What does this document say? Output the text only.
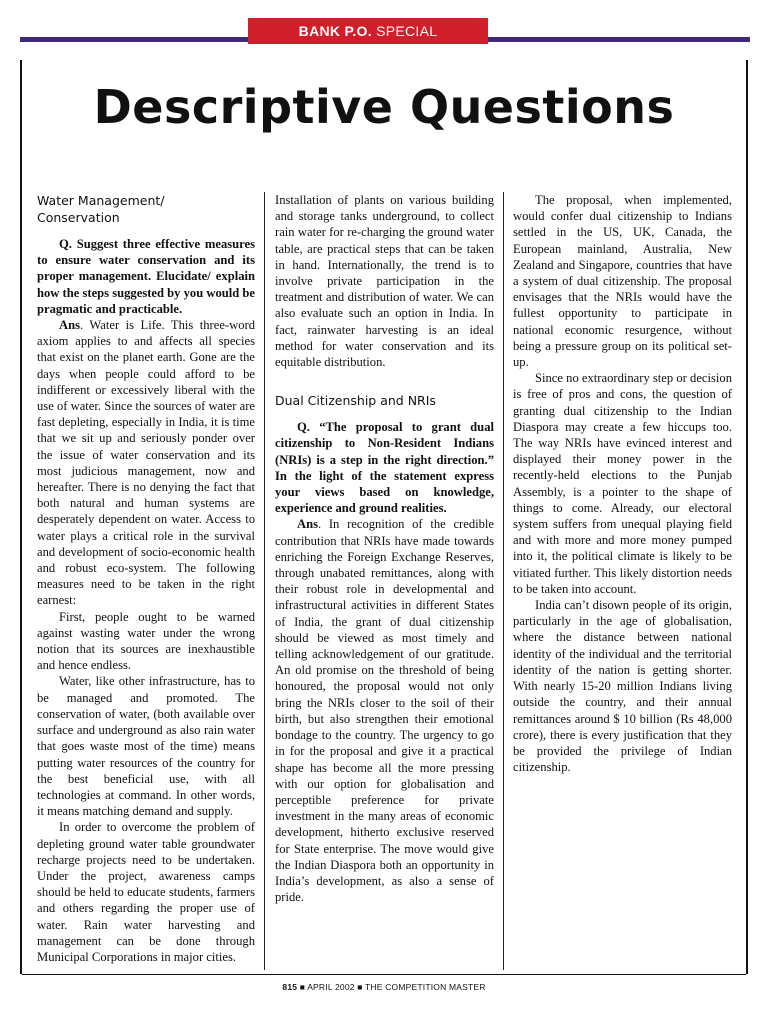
BANK P.O. SPECIAL
Descriptive Questions
Water Management/
Conservation

Q. Suggest three effective measures to ensure water conservation and its proper management. Elucidate/ explain how the steps suggested by you would be pragmatic and practicable.

Ans. Water is Life. This three-word axiom applies to and affects all species that exist on the planet earth. Gone are the days when people could afford to be indifferent or excessively liberal with the use of water. Since the sources of water are fast depleting, especially in India, it is time that we sit up and seriously ponder over the issue of water conservation and its most judicious management, now and hereafter. There is no denying the fact that both natural and human systems are desperately dependent on water. Access to water plays a critical role in the survival and development of socio-economic health and robust eco-system. The following measures need to be taken in the right earnest:

First, people ought to be warned against wasting water under the wrong notion that its sources are inexhaustible and hence endless.

Water, like other infrastructure, has to be managed and promoted. The conservation of water, (both available over surface and underground as also rain water that goes waste most of the time) means putting water resources of the country for the best beneficial use, with all technologies at command. In other words, it means matching demand and supply.

In order to overcome the problem of depleting ground water table groundwater recharge projects need to be undertaken. Under the project, awareness camps should be held to educate students, farmers and others regarding the proper use of water. Rain water harvesting and management can be done through Municipal Corporations in major cities.

Installation of plants on various building and storage tanks underground, to collect rain water for re-charging the ground water table, are practical steps that can be taken in hand. Internationally, the trend is to involve private participation in the treatment and distribution of water. We can also evaluate such an option in India. In fact, rainwater harvesting is an ideal method for water conservation and its equitable distribution.

Dual Citizenship and NRIs

Q. “The proposal to grant dual citizenship to Non-Resident Indians (NRIs) is a step in the right direction.” In the light of the statement express your views based on knowledge, experience and ground realities.

Ans. In recognition of the credible contribution that NRIs have made towards enriching the Foreign Exchange Reserves, through unabated remittances, along with their robust role in developmental and infrastructural activities in different States of India, the grant of dual citizenship should be viewed as most timely and telling acknowledgement of our gratitude. An old promise on the threshold of being honoured, the proposal would not only bring the NRIs closer to the soil of their birth, but also strengthen their emotional bondage to the country. The urgency to go in for the proposal and give it a practical shape has become all the more pressing with our option for globalisation and perceptible preference for private investment in the many areas of economic development, hitherto exclusive reserved for State enterprise. The move would give the Indian Diaspora both an opportunity in India’s development, as also a sense of pride.

The proposal, when implemented, would confer dual citizenship to Indians settled in the US, UK, Canada, the European mainland, Australia, New Zealand and Singapore, countries that have a system of dual citizenship. The proposal envisages that the NRIs would have the fullest opportunity to participate in national economic resurgence, without being a pressure group on its political set-up.

Since no extraordinary step or decision is free of pros and cons, the question of granting dual citizenship to the Indian Diaspora may create a few hiccups too. The way NRIs have evinced interest and displayed their money power in the recently-held elections to the Punjab Assembly, is a pointer to the shape of things to come. Already, our electoral system suffers from unequal playing field and with more and more money pumped into it, the political climate is likely to be vitiated further. This likely distortion needs to be taken into account.

India can’t disown people of its origin, particularly in the age of globalisation, where the distance between national identity of the individual and the territorial identity of the nation is getting shorter. With nearly 15-20 million Indians living outside the country, and their annual remittances around $ 10 billion (Rs 48,000 crore), there is every justification that they be provided the privilege of Indian citizenship.

815 ■ APRIL 2002 ■ THE COMPETITION MASTER
